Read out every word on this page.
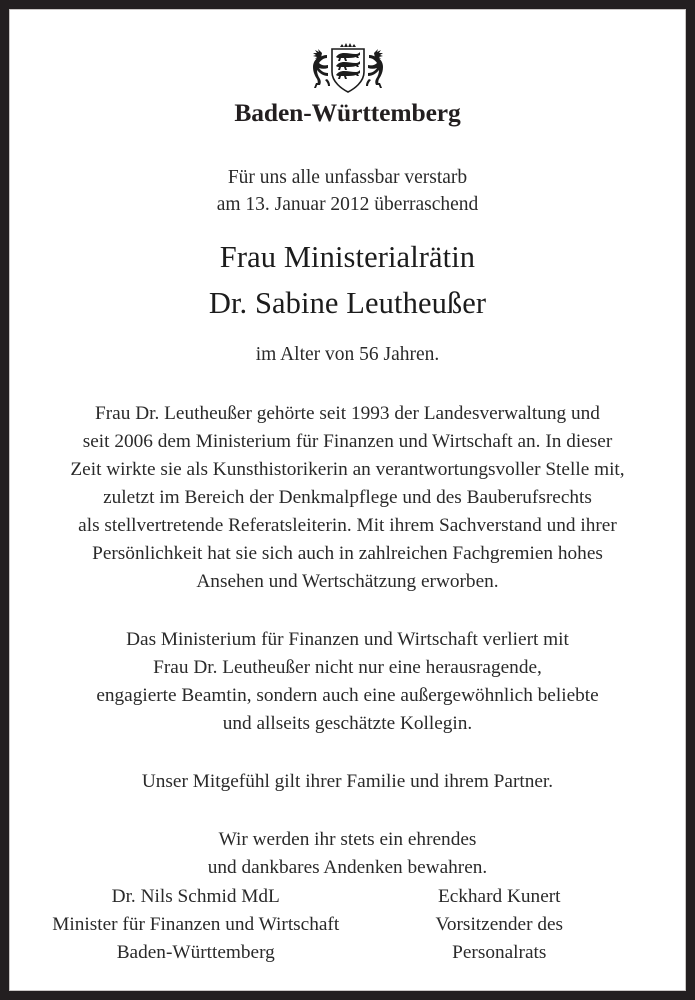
Baden-Württemberg
Für uns alle unfassbar verstarb
am 13. Januar 2012 überraschend
Frau Ministerialrätin
Dr. Sabine Leutheußer
im Alter von 56 Jahren.
Frau Dr. Leutheußer gehörte seit 1993 der Landesverwaltung und
seit 2006 dem Ministerium für Finanzen und Wirtschaft an. In dieser
Zeit wirkte sie als Kunsthistorikerin an verantwortungsvoller Stelle mit,
zuletzt im Bereich der Denkmalpflege und des Bauberufsrechts
als stellvertretende Referatsleiterin. Mit ihrem Sachverstand und ihrer
Persönlichkeit hat sie sich auch in zahlreichen Fachgremien hohes
Ansehen und Wertschätzung erworben.
Das Ministerium für Finanzen und Wirtschaft verliert mit
Frau Dr. Leutheußer nicht nur eine herausragende,
engagierte Beamtin, sondern auch eine außergewöhnlich beliebte
und allseits geschätzte Kollegin.
Unser Mitgefühl gilt ihrer Familie und ihrem Partner.
Wir werden ihr stets ein ehrendes
und dankbares Andenken bewahren.
Dr. Nils Schmid MdL
Minister für Finanzen und Wirtschaft
Baden-Württemberg
Eckhard Kunert
Vorsitzender des
Personalrats
